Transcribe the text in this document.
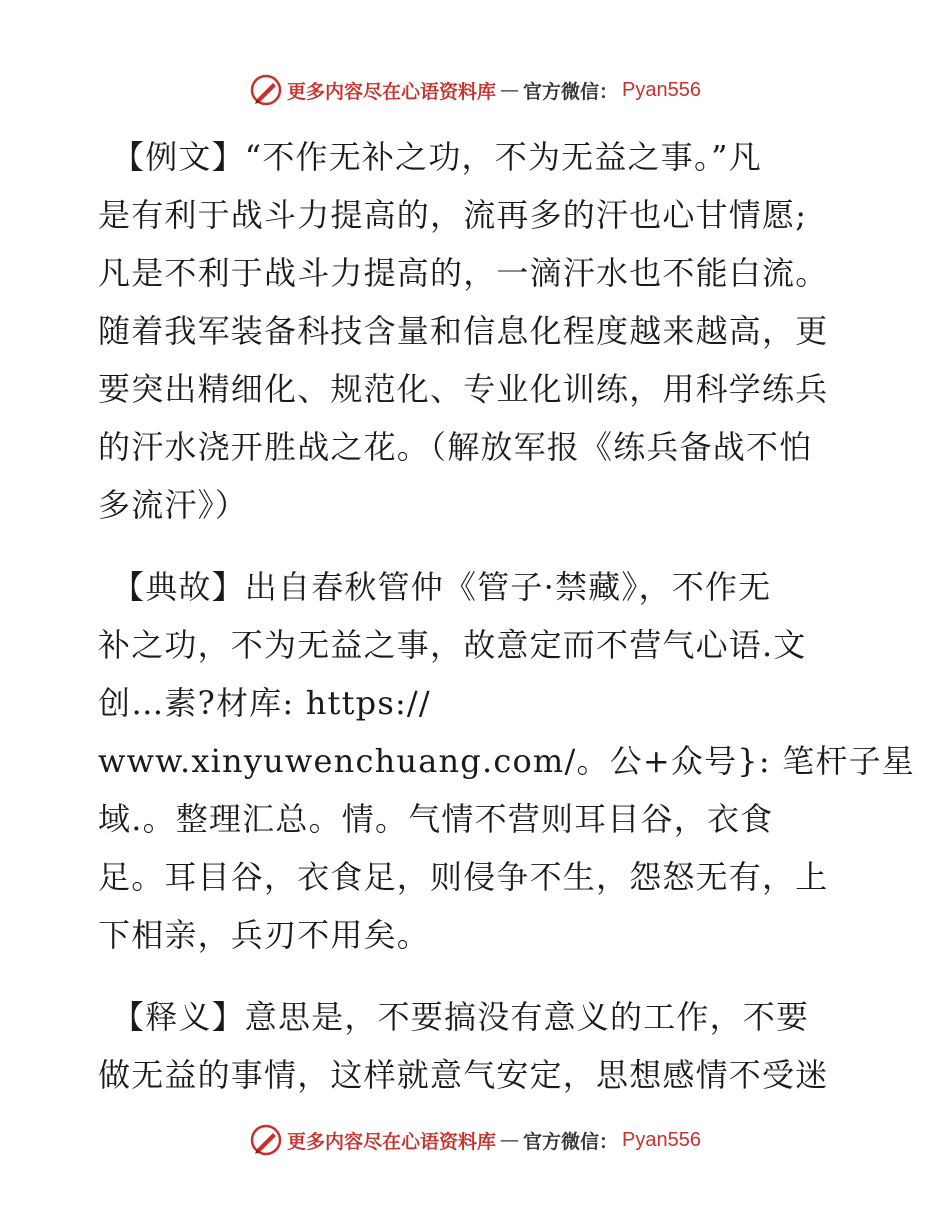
更多内容尽在心语资料库 — 官方微信： Pyan556
【例文】“不作无补之功，不为无益之事。”凡
是有利于战斗力提高的，流再多的汗也心甘情愿;
凡是不利于战斗力提高的，一滴汗水也不能白流。
随着我军装备科技含量和信息化程度越来越高，更
要突出精细化、规范化、专业化训练，用科学练兵
的汗水浇开胜战之花。（解放军报《练兵备战不怕
多流汗》）
【典故】出自春秋管仲《管子·禁藏》，不作无
补之功，不为无益之事，故意定而不营气心语.文
创…素?材库: https://
www.xinyuwenchuang.com/。公+众号}: 笔杆子星
域.。整理汇总。情。气情不营则耳目谷，衣食
足。耳目谷，衣食足，则侵争不生，怨怒无有，上
下相亲，兵刃不用矣。
【释义】意思是，不要搞没有意义的工作，不要
做无益的事情，这样就意气安定，思想感情不受迷
更多内容尽在心语资料库 — 官方微信： Pyan556
